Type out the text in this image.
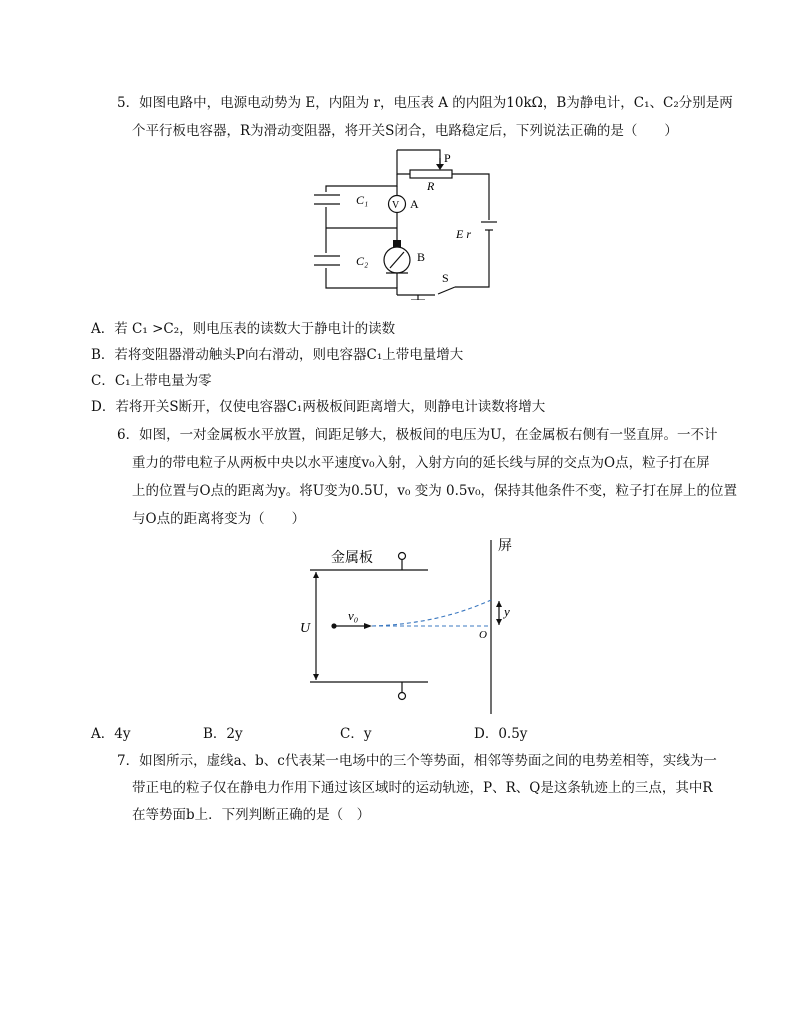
5．如图电路中，电源电动势为 E，内阻为 r，电压表 A 的内阻为10kΩ，B为静电计，C₁、C₂分别是两
个平行板电容器，R为滑动变阻器，将开关S闭合，电路稳定后，下列说法正确的是（　　）
P
R
C₁
C₂
V A
B
E r
S
A．若 C₁ >C₂，则电压表的读数大于静电计的读数
B．若将变阻器滑动触头P向右滑动，则电容器C₁上带电量增大
C．C₁上带电量为零
D．若将开关S断开，仅使电容器C₁两极板间距离增大，则静电计读数将增大
6．如图，一对金属板水平放置，间距足够大，极板间的电压为U，在金属板右侧有一竖直屏。一不计
重力的带电粒子从两板中央以水平速度v₀入射，入射方向的延长线与屏的交点为O点，粒子打在屏
上的位置与O点的距离为y。将U变为0.5U，v₀ 变为 0.5v₀，保持其他条件不变，粒子打在屏上的位置
与O点的距离将变为（　　）
金属板
屏
U
v₀	y
O
A．4y	B．2y	C．y	D．0.5y
7．如图所示，虚线a、b、c代表某一电场中的三个等势面，相邻等势面之间的电势差相等，实线为一
带正电的粒子仅在静电力作用下通过该区域时的运动轨迹，P、R、Q是这条轨迹上的三点，其中R
在等势面b上．下列判断正确的是（　）
